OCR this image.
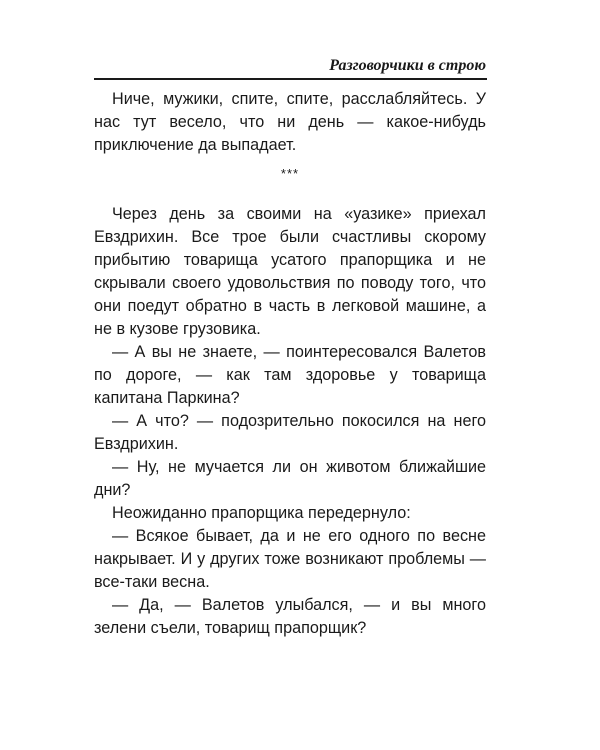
Разговорчики в строю

Ниче, мужики, спите, спите, расслабляйтесь. У нас тут весело, что ни день — какое-нибудь приключение да выпадает.

***

Через день за своими на «уазике» приехал Евздрихин. Все трое были счастливы скорому прибытию товарища усатого прапорщика и не скрывали своего удовольствия по поводу того, что они поедут обратно в часть в легковой машине, а не в кузове грузовика.

— А вы не знаете, — поинтересовался Валетов по дороге, — как там здоровье у товарища капитана Паркина?

— А что? — подозрительно покосился на него Евздрихин.

— Ну, не мучается ли он животом ближайшие дни?

Неожиданно прапорщика передернуло:

— Всякое бывает, да и не его одного по весне накрывает. И у других тоже возникают проблемы — все-таки весна.

— Да, — Валетов улыбался, — и вы много зелени съели, товарищ прапорщик?
